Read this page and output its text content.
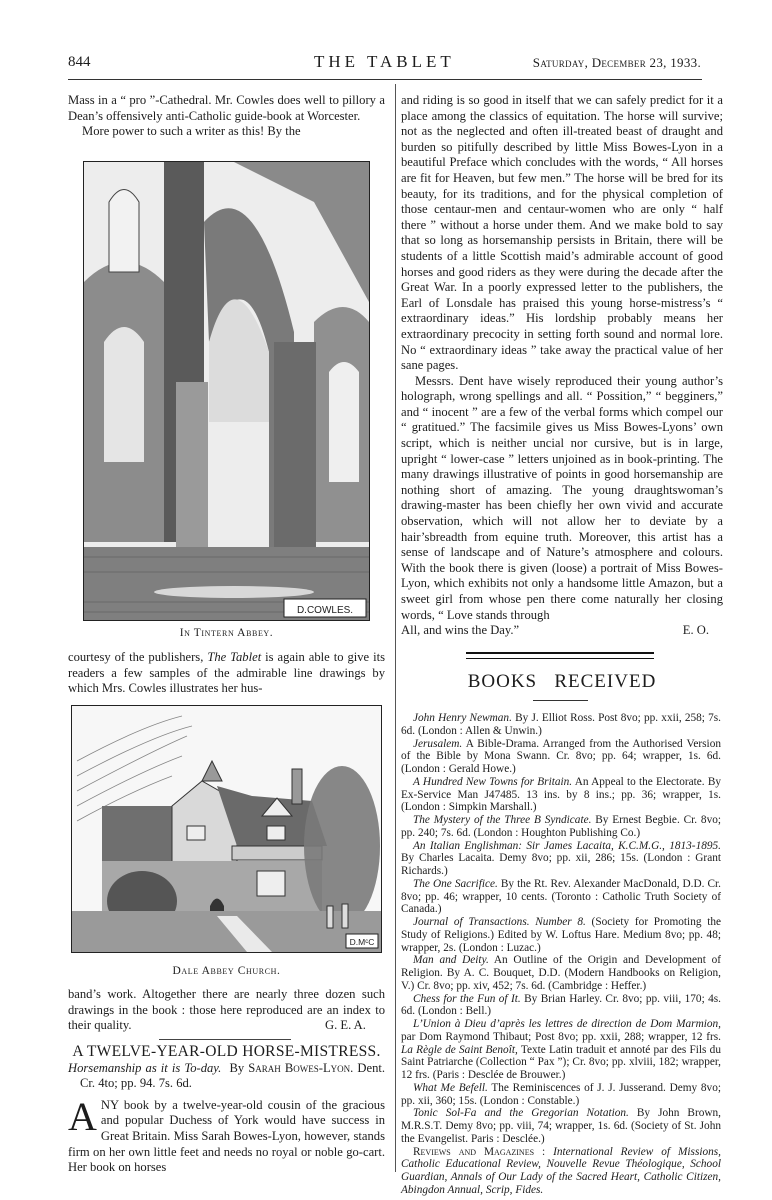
844	THE TABLET	Saturday, December 23, 1933.

Mass in a “ pro ”-Cathedral. Mr. Cowles does well to pillory a Dean’s offensively anti-Catholic guide-book at Worcester.

More power to such a writer as this! By the

D.COWLES.
In Tintern Abbey.

courtesy of the publishers, The Tablet is again able to give its readers a few samples of the admirable line drawings by which Mrs. Cowles illustrates her hus-

D.MᶜC
Dale Abbey Church.

band’s work. Altogether there are nearly three dozen such drawings in the book : those here reproduced are an index to their quality.	G. E. A.
A TWELVE-YEAR-OLD HORSE-MISTRESS.
Horsemanship as it is To-day. By Sarah Bowes-Lyon. Dent. Cr. 4to; pp. 94. 7s. 6d.

ANY book by a twelve-year-old cousin of the gracious and popular Duchess of York would have success in Great Britain. Miss Sarah Bowes-Lyon, however, stands firm on her own little feet and needs no royal or noble go-cart. Her book on horses

and riding is so good in itself that we can safely predict for it a place among the classics of equitation. The horse will survive; not as the neglected and often ill-treated beast of draught and burden so pitifully described by little Miss Bowes-Lyon in a beautiful Preface which concludes with the words, “ All horses are fit for Heaven, but few men.” The horse will be bred for its beauty, for its traditions, and for the physical completion of those centaur-men and centaur-women who are only “ half there ” without a horse under them. And we make bold to say that so long as horsemanship persists in Britain, there will be students of a little Scottish maid’s admirable account of good horses and good riders as they were during the decade after the Great War. In a poorly expressed letter to the publishers, the Earl of Lonsdale has praised this young horse-mistress’s “ extraordinary ideas.” His lordship probably means her extraordinary precocity in setting forth sound and normal lore. No “ extraordinary ideas ” take away the practical value of her sane pages.

Messrs. Dent have wisely reproduced their young author’s holograph, wrong spellings and all. “ Possition,” “ begginers,” and “ inocent ” are a few of the verbal forms which compel our “ gratitued.” The facsimile gives us Miss Bowes-Lyons’ own script, which is neither uncial nor cursive, but is in large, upright “ lower-case ” letters unjoined as in book-printing. The many drawings illustrative of points in good horsemanship are nothing short of amazing. The young draughtswoman’s drawing-master has been chiefly her own vivid and accurate observation, which will not allow her to deviate by a hair’sbreadth from equine truth. Moreover, this artist has a sense of landscape and of Nature’s atmosphere and colours. With the book there is given (loose) a portrait of Miss Bowes-Lyon, which exhibits not only a handsome little Amazon, but a sweet girl from whose pen there come naturally her closing words, “ Love stands through

All, and wins the Day.”	E. O.
BOOKS   RECEIVED

John Henry Newman. By J. Elliot Ross. Post 8vo; pp. xxii, 258; 7s. 6d. (London : Allen & Unwin.)

Jerusalem. A Bible-Drama. Arranged from the Authorised Version of the Bible by Mona Swann. Cr. 8vo; pp. 64; wrapper, 1s. 6d. (London : Gerald Howe.)

A Hundred New Towns for Britain. An Appeal to the Electorate. By Ex-Service Man J47485. 13 ins. by 8 ins.; pp. 36; wrapper, 1s. (London : Simpkin Marshall.)

The Mystery of the Three B Syndicate. By Ernest Begbie. Cr. 8vo; pp. 240; 7s. 6d. (London : Houghton Publishing Co.)

An Italian Englishman: Sir James Lacaita, K.C.M.G., 1813-1895. By Charles Lacaita. Demy 8vo; pp. xii, 286; 15s. (London : Grant Richards.)

The One Sacrifice. By the Rt. Rev. Alexander MacDonald, D.D. Cr. 8vo; pp. 46; wrapper, 10 cents. (Toronto : Catholic Truth Society of Canada.)

Journal of Transactions. Number 8. (Society for Promoting the Study of Religions.) Edited by W. Loftus Hare. Medium 8vo; pp. 48; wrapper, 2s. (London : Luzac.)

Man and Deity. An Outline of the Origin and Development of Religion. By A. C. Bouquet, D.D. (Modern Handbooks on Religion, V.) Cr. 8vo; pp. xiv, 452; 7s. 6d. (Cambridge : Heffer.)

Chess for the Fun of It. By Brian Harley. Cr. 8vo; pp. viii, 170; 4s. 6d. (London : Bell.)

L’Union à Dieu d’après les lettres de direction de Dom Marmion, par Dom Raymond Thibaut; Post 8vo; pp. xxii, 288; wrapper, 12 frs. La Règle de Saint Benoît, Texte Latin traduit et annoté par des Fils du Saint Patriarche (Collection “ Pax ”); Cr. 8vo; pp. xlviii, 182; wrapper, 12 frs. (Paris : Desclée de Brouwer.)

What Me Befell. The Reminiscences of J. J. Jusserand. Demy 8vo; pp. xii, 360; 15s. (London : Constable.)

Tonic Sol-Fa and the Gregorian Notation. By John Brown, M.R.S.T. Demy 8vo; pp. viii, 74; wrapper, 1s. 6d. (Society of St. John the Evangelist. Paris : Desclée.)

Reviews and Magazines : International Review of Missions, Catholic Educational Review, Nouvelle Revue Théologique, School Guardian, Annals of Our Lady of the Sacred Heart, Catholic Citizen, Abingdon Annual, Scrip, Fides.
